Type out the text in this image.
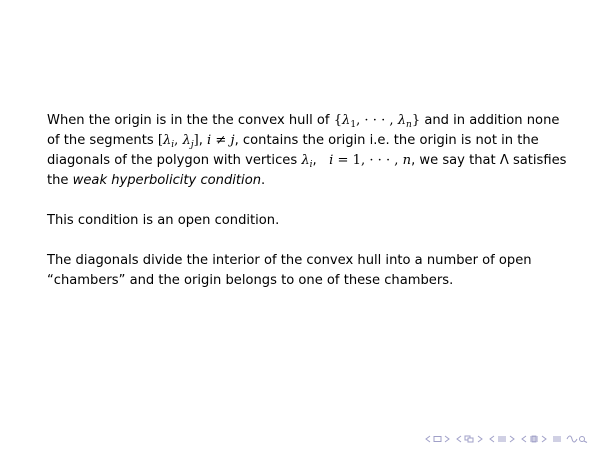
When the origin is in the the convex hull of {$\lambda_1$, · · · , $\lambda_n$} and in addition none of the segments [$\lambda_i$, $\lambda_j$], i ≠ j, contains the origin i.e. the origin is not in the diagonals of the polygon with vertices $\lambda_i$,   i = 1, · · · , n, we say that Λ satisfies the weak hyperbolicity condition.

This condition is an open condition.

The diagonals divide the interior of the convex hull into a number of open “chambers” and the origin belongs to one of these chambers.
